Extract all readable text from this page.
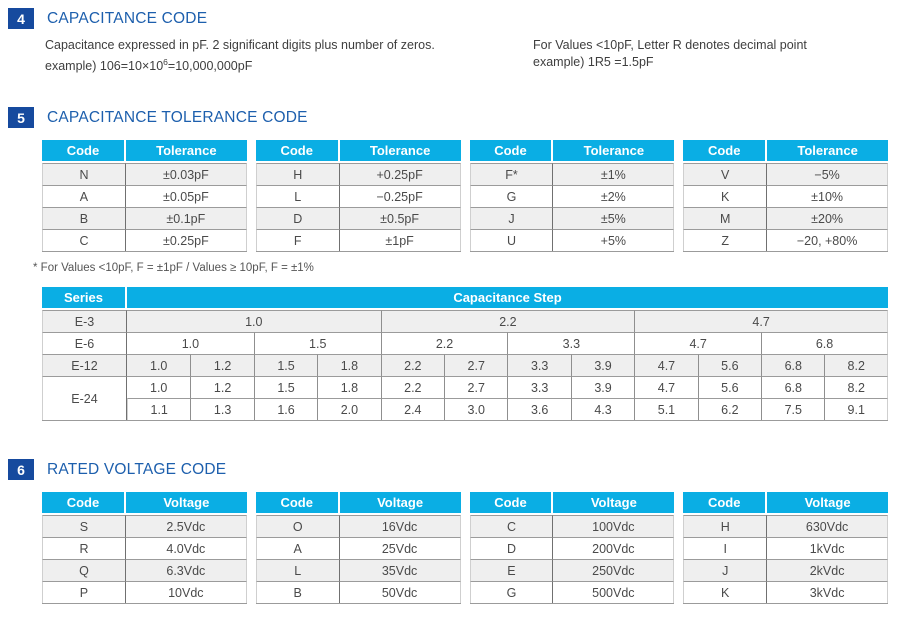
4	CAPACITANCE CODE
Capacitance expressed in pF. 2 significant digits plus number of zeros.
example) $106=10\times 10^6=10,000,000pF$
For Values <10pF, Letter R denotes decimal point
example) 1R5 =1.5pF
5	CAPACITANCE TOLERANCE CODE
Code	Tolerance
N	±0.03pF
A	±0.05pF
B	±0.1pF
C	±0.25pF
Code	Tolerance
H	+0.25pF
L	−0.25pF
D	±0.5pF
F	±1pF
Code	Tolerance
F*	±1%
G	±2%
J	±5%
U	+5%
Code	Tolerance
V	−5%
K	±10%
M	±20%
Z	−20, +80%
* For Values <10pF, F = ±1pF / Values ≥ 10pF, F = ±1%
Series	Capacitance Step											
E-3	1.0				2.2				4.7			
E-6	1.0		1.5		2.2		3.3		4.7		6.8	
E-12	1.0	1.2	1.5	1.8	2.2	2.7	3.3	3.9	4.7	5.6	6.8	8.2
E-24	1.0	1.2	1.5	1.8	2.2	2.7	3.3	3.9	4.7	5.6	6.8	8.2
	1.1	1.3	1.6	2.0	2.4	3.0	3.6	4.3	5.1	6.2	7.5	9.1
6	RATED VOLTAGE CODE
Code	Voltage
S	2.5Vdc
R	4.0Vdc
Q	6.3Vdc
P	10Vdc
Code	Voltage
O	16Vdc
A	25Vdc
L	35Vdc
B	50Vdc
Code	Voltage
C	100Vdc
D	200Vdc
E	250Vdc
G	500Vdc
Code	Voltage
H	630Vdc
I	1kVdc
J	2kVdc
K	3kVdc
